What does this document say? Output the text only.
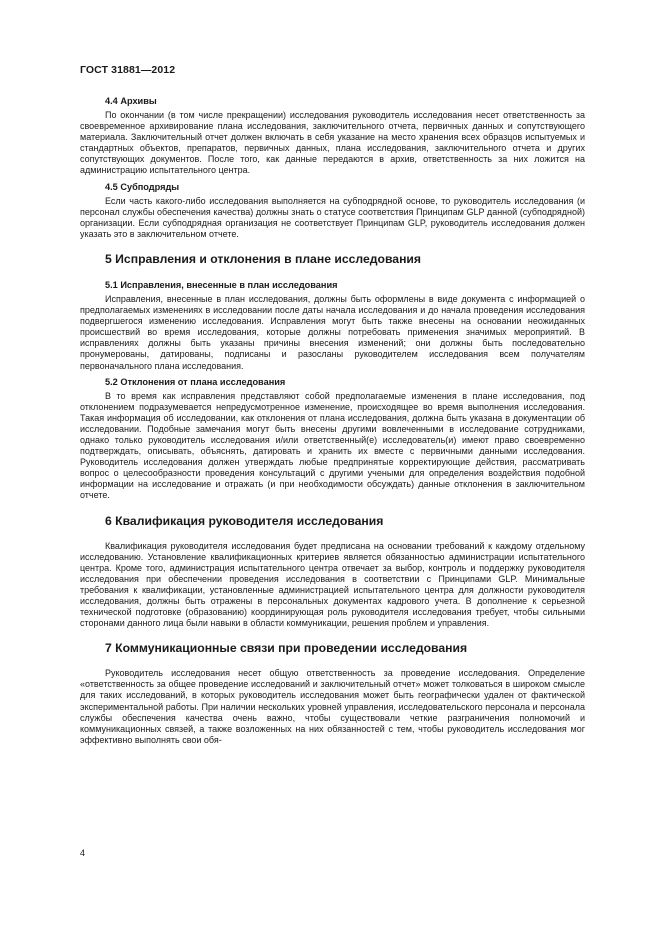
ГОСТ 31881—2012
4.4 Архивы

По окончании (в том числе прекращении) исследования руководитель исследования несет ответственность за своевременное архивирование плана исследования, заключительного отчета, первичных данных и сопутствующего материала. Заключительный отчет должен включать в себя указание на место хранения всех образцов испытуемых и стандартных объектов, препаратов, первичных данных, плана исследования, заключительного отчета и других сопутствующих документов. После того, как данные передаются в архив, ответственность за них ложится на администрацию испытательного центра.

4.5 Субподряды

Если часть какого-либо исследования выполняется на субподрядной основе, то руководитель исследования (и персонал службы обеспечения качества) должны знать о статусе соответствия Принципам GLP данной (субподрядной) организации. Если субподрядная организация не соответствует Принципам GLP, руководитель исследования должен указать это в заключительном отчете.

5 Исправления и отклонения в плане исследования
5.1 Исправления, внесенные в план исследования

Исправления, внесенные в план исследования, должны быть оформлены в виде документа с информацией о предполагаемых изменениях в исследовании после даты начала исследования и до начала проведения исследования подвергшегося изменению исследования. Исправления могут быть также внесены на основании неожиданных происшествий во время исследования, которые должны потребовать применения значимых мероприятий. В исправлениях должны быть указаны причины внесения изменений; они должны быть последовательно пронумерованы, датированы, подписаны и разосланы руководителем исследования всем получателям первоначального плана исследования.

5.2 Отклонения от плана исследования

В то время как исправления представляют собой предполагаемые изменения в плане исследования, под отклонением подразумевается непредусмотренное изменение, происходящее во время выполнения исследования. Такая информация об исследовании, как отклонения от плана исследования, должна быть указана в документации об исследовании. Подобные замечания могут быть внесены другими вовлеченными в исследование сотрудниками, однако только руководитель исследования и/или ответственный(е) исследователь(и) имеют право своевременно подтверждать, описывать, объяснять, датировать и хранить их вместе с первичными данными исследования. Руководитель исследования должен утверждать любые предпринятые корректирующие действия, рассматривать вопрос о целесообразности проведения консультаций с другими учеными для определения воздействия подобной информации на исследование и отражать (и при необходимости обсуждать) данные отклонения в заключительном отчете.

6 Квалификация руководителя исследования

Квалификация руководителя исследования будет предписана на основании требований к каждому отдельному исследованию. Установление квалификационных критериев является обязанностью администрации испытательного центра. Кроме того, администрация испытательного центра отвечает за выбор, контроль и поддержку руководителя исследования при обеспечении проведения исследования в соответствии с Принципами GLP. Минимальные требования к квалификации, установленные администрацией испытательного центра для должности руководителя исследования, должны быть отражены в персональных документах кадрового учета. В дополнение к серьезной технической подготовке (образованию) координирующая роль руководителя исследования требует, чтобы сильными сторонами данного лица были навыки в области коммуникации, решения проблем и управления.

7 Коммуникационные связи при проведении исследования

Руководитель исследования несет общую ответственность за проведение исследования. Определение «ответственность за общее проведение исследований и заключительный отчет» может толковаться в широком смысле для таких исследований, в которых руководитель исследования может быть географически удален от фактической экспериментальной работы. При наличии нескольких уровней управления, исследовательского персонала и персонала службы обеспечения качества очень важно, чтобы существовали четкие разграничения полномочий и коммуникационных связей, а также возложенных на них обязанностей с тем, чтобы руководитель исследования мог эффективно выполнять свои обя-

4
